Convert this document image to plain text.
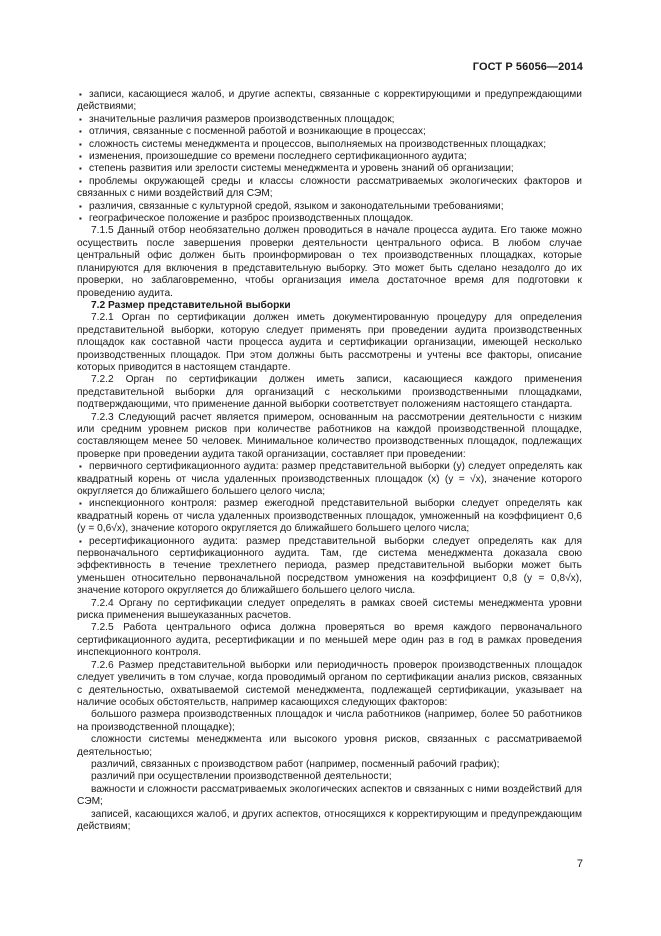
ГОСТ Р 56056—2014

▪ записи, касающиеся жалоб, и другие аспекты, связанные с корректирующими и предупреждающими действиями;

▪ значительные различия размеров производственных площадок;

▪ отличия, связанные с посменной работой и возникающие в процессах;

▪ сложность системы менеджмента и процессов, выполняемых на производственных площадках;

▪ изменения, произошедшие со времени последнего сертификационного аудита;

▪ степень развития или зрелости системы менеджмента и уровень знаний об организации;

▪ проблемы окружающей среды и классы сложности рассматриваемых экологических факторов и связанных с ними воздействий для СЭМ;

▪ различия, связанные с культурной средой, языком и законодательными требованиями;

▪ географическое положение и разброс производственных площадок.

7.1.5 Данный отбор необязательно должен проводиться в начале процесса аудита. Его также можно осуществить после завершения проверки деятельности центрального офиса. В любом случае центральный офис должен быть проинформирован о тех производственных площадках, которые планируются для включения в представительную выборку. Это может быть сделано незадолго до их проверки, но заблаговременно, чтобы организация имела достаточное время для подготовки к проведению аудита.

7.2 Размер представительной выборки

7.2.1 Орган по сертификации должен иметь документированную процедуру для определения представительной выборки, которую следует применять при проведении аудита производственных площадок как составной части процесса аудита и сертификации организации, имеющей несколько производственных площадок. При этом должны быть рассмотрены и учтены все факторы, описание которых приводится в настоящем стандарте.

7.2.2 Орган по сертификации должен иметь записи, касающиеся каждого применения представительной выборки для организаций с несколькими производственными площадками, подтверждающими, что применение данной выборки соответствует положениям настоящего стандарта.

7.2.3 Следующий расчет является примером, основанным на рассмотрении деятельности с низким или средним уровнем рисков при количестве работников на каждой производственной площадке, составляющем менее 50 человек. Минимальное количество производственных площадок, подлежащих проверке при проведении аудита такой организации, составляет при проведении:

▪ первичного сертификационного аудита: размер представительной выборки (y) следует определять как квадратный корень от числа удаленных производственных площадок (x) (y = √x), значение которого округляется до ближайшего большего целого числа;

▪ инспекционного контроля: размер ежегодной представительной выборки следует определять как квадратный корень от числа удаленных производственных площадок, умноженный на коэффициент 0,6 (y = 0,6√x), значение которого округляется до ближайшего большего целого числа;

▪ ресертификационного аудита: размер представительной выборки следует определять как для первоначального сертификационного аудита. Там, где система менеджмента доказала свою эффективность в течение трехлетнего периода, размер представительной выборки может быть уменьшен относительно первоначальной посредством умножения на коэффициент 0,8 (y = 0,8√x), значение которого округляется до ближайшего большего целого числа.

7.2.4 Органу по сертификации следует определять в рамках своей системы менеджмента уровни риска применения вышеуказанных расчетов.

7.2.5 Работа центрального офиса должна проверяться во время каждого первоначального сертификационного аудита, ресертификации и по меньшей мере один раз в год в рамках проведения инспекционного контроля.

7.2.6 Размер представительной выборки или периодичность проверок производственных площадок следует увеличить в том случае, когда проводимый органом по сертификации анализ рисков, связанных с деятельностью, охватываемой системой менеджмента, подлежащей сертификации, указывает на наличие особых обстоятельств, например касающихся следующих факторов:

большого размера производственных площадок и числа работников (например, более 50 работников на производственной площадке);

сложности системы менеджмента или высокого уровня рисков, связанных с рассматриваемой деятельностью;

различий, связанных с производством работ (например, посменный рабочий график);

различий при осуществлении производственной деятельности;

важности и сложности рассматриваемых экологических аспектов и связанных с ними воздействий для СЭМ;

записей, касающихся жалоб, и других аспектов, относящихся к корректирующим и предупреждающим действиям;

7
